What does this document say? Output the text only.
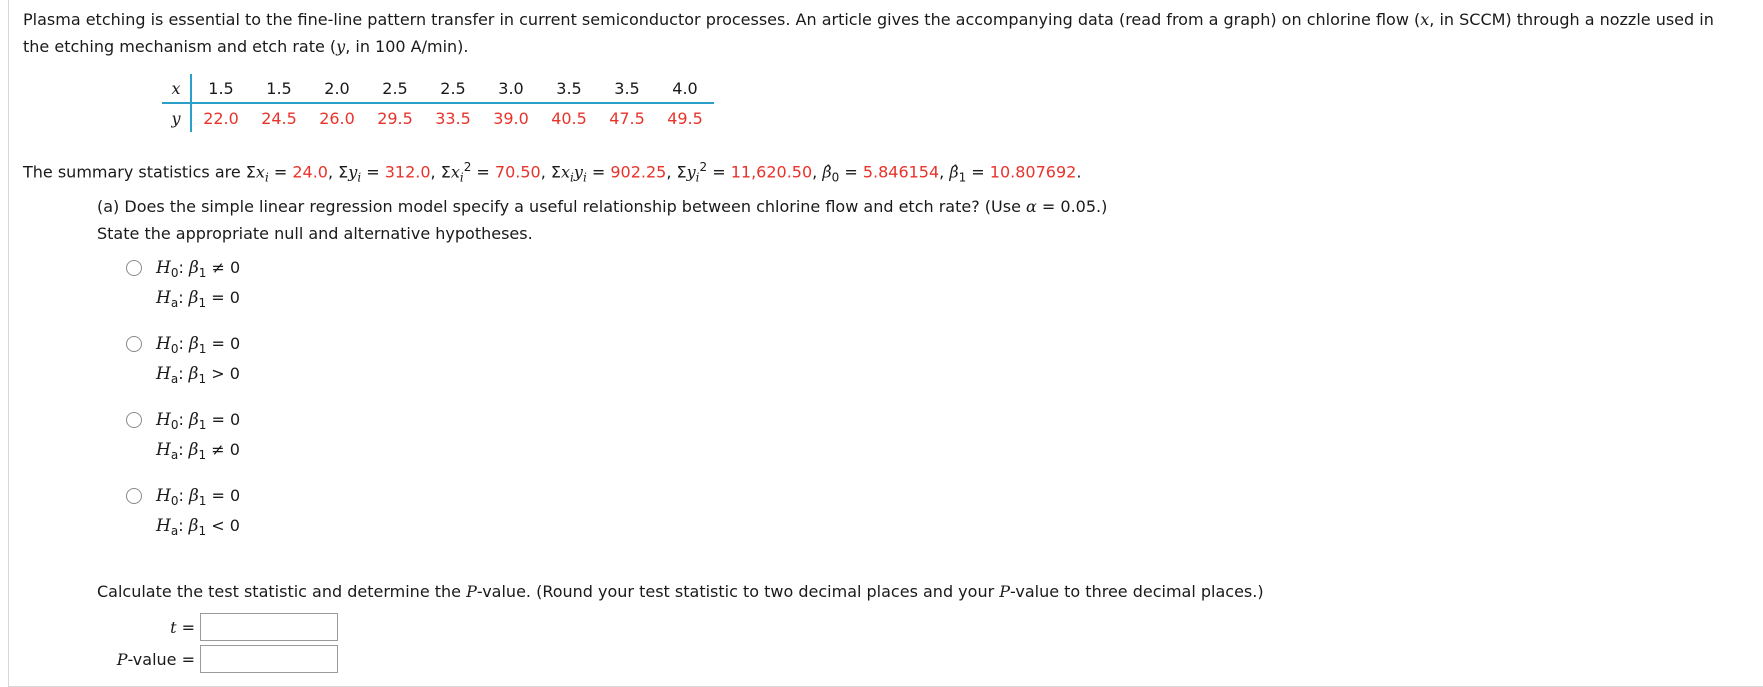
Plasma etching is essential to the fine-line pattern transfer in current semiconductor processes. An article gives the accompanying data (read from a graph) on chlorine flow (x, in SCCM) through a nozzle used in the etching mechanism and etch rate (y, in 100 A/min).
x	1.5	1.5	2.0	2.5	2.5	3.0	3.5	3.5	4.0
y	22.0	24.5	26.0	29.5	33.5	39.0	40.5	47.5	49.5
The summary statistics are $\Sigma x_i = 24.0$, $\Sigma y_i = 312.0$, $\Sigma x_i^2 = 70.50$, $\Sigma x_iy_i = 902.25$, $\Sigma y_i^2 = 11,620.50$, $\betâ_0 = 5.846154$, $\betâ_1 = 10.807692$.
(a) Does the simple linear regression model specify a useful relationship between chlorine flow and etch rate? (Use α = 0.05.)
State the appropriate null and alternative hypotheses.
$H_0$: $\beta_1 \ne 0$
$H_a$: $\beta_1 = 0$
$H_0$: $\beta_1 = 0$
$H_a$: $\beta_1 > 0$
$H_0$: $\beta_1 = 0$
$H_a$: $\beta_1 \ne 0$
$H_0$: $\beta_1 = 0$
$H_a$: $\beta_1 < 0$
Calculate the test statistic and determine the P-value. (Round your test statistic to two decimal places and your P-value to three decimal places.)
t =
P-value =
